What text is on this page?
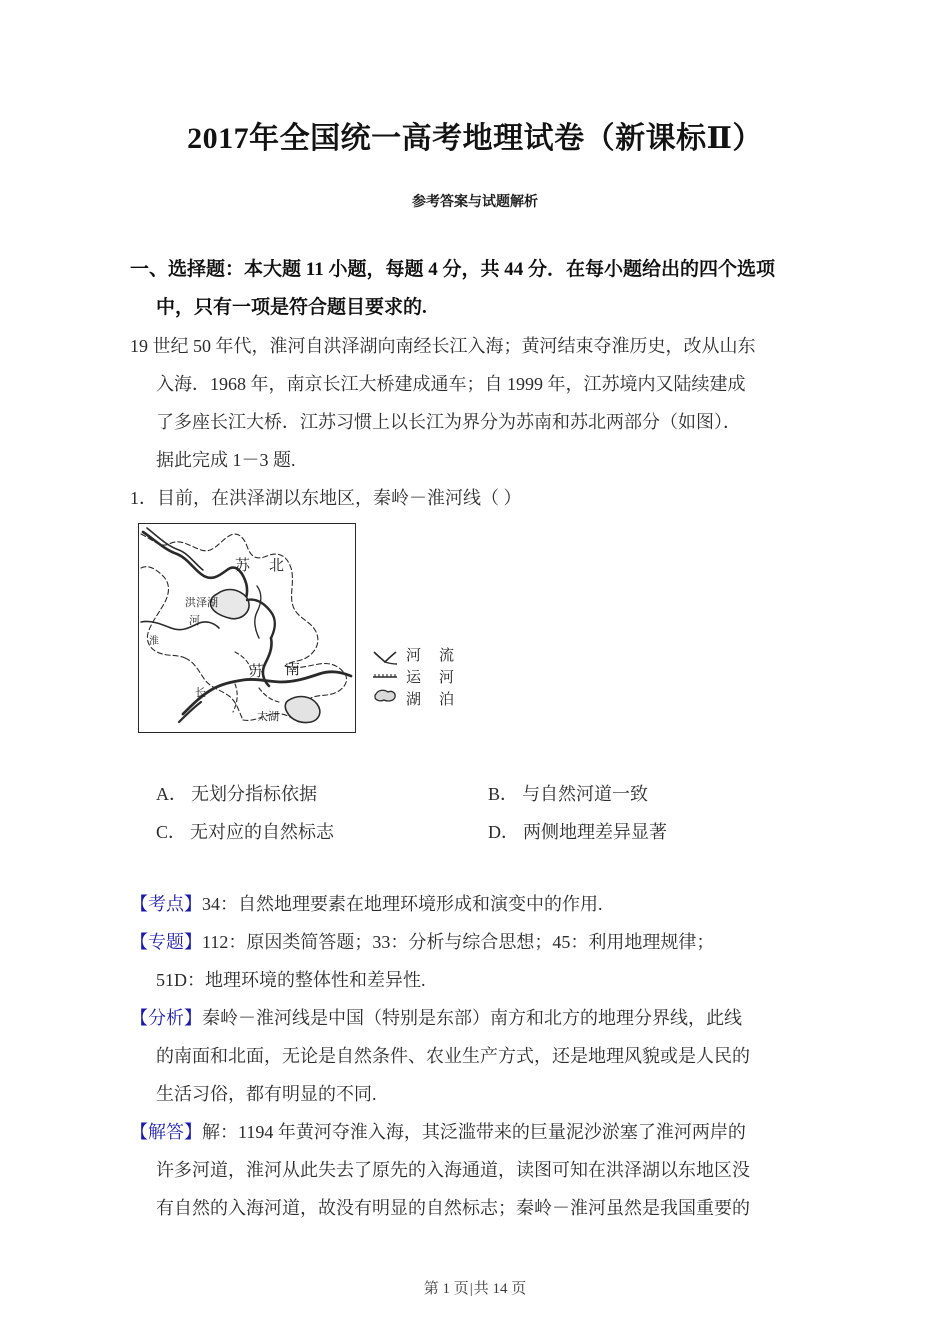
2017年全国统一高考地理试卷（新课标Ⅱ）
参考答案与试题解析
一、选择题：本大题 11 小题，每题 4 分，共 44 分．在每小题给出的四个选项
中，只有一项是符合题目要求的.

19 世纪 50 年代，淮河自洪泽湖向南经长江入海；黄河结束夺淮历史，改从山东

入海．1968 年，南京长江大桥建成通车；自 1999 年，江苏境内又陆续建成

了多座长江大桥．江苏习惯上以长江为界分为苏南和苏北两部分（如图）．

据此完成 1－3 题.

1．目前，在洪泽湖以东地区，秦岭－淮河线（ ）

苏 北
洪泽湖
河
淮
苏 南
长
太湖
河
运
湖
流
河
泊
A． 无划分指标依据	B． 与自然河道一致
C． 无对应的自然标志	D． 两侧地理差异显著

【考点】34：自然地理要素在地理环境形成和演变中的作用.

【专题】112：原因类简答题；33：分析与综合思想；45：利用地理规律；

51D：地理环境的整体性和差异性.

【分析】秦岭－淮河线是中国（特别是东部）南方和北方的地理分界线，此线

的南面和北面，无论是自然条件、农业生产方式，还是地理风貌或是人民的

生活习俗，都有明显的不同.

【解答】解：1194 年黄河夺淮入海，其泛滥带来的巨量泥沙淤塞了淮河两岸的

许多河道，淮河从此失去了原先的入海通道，读图可知在洪泽湖以东地区没

有自然的入海河道，故没有明显的自然标志；秦岭－淮河虽然是我国重要的

第 1 页|共 14 页
